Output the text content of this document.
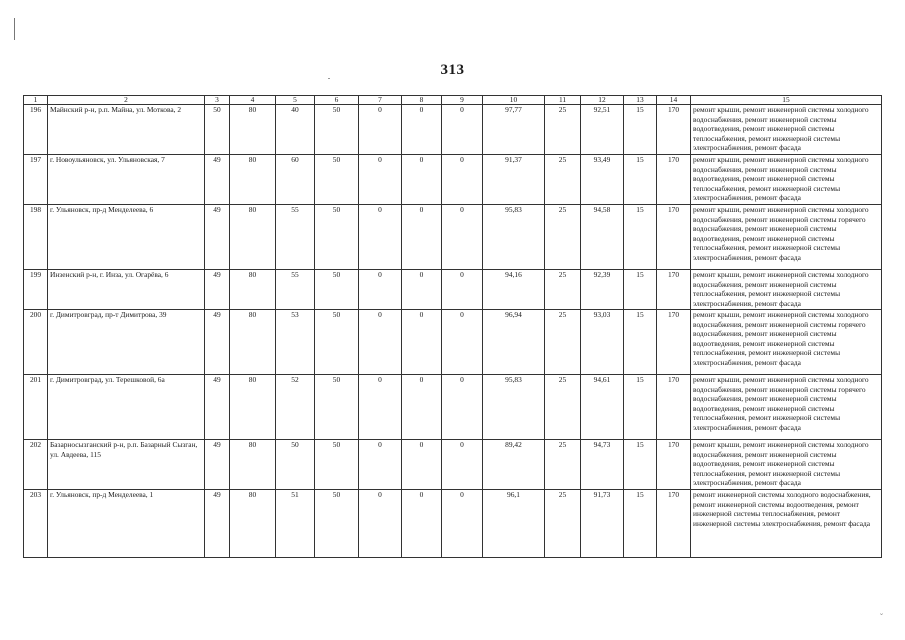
313
1	2	3	4	5	6	7	8	9	10	11	12	13	14	15
196	Майнский р-н, р.п. Майна, ул. Моткова, 2	50	80	40	50	0	0	0	97,77	25	92,51	15	170	ремонт крыши, ремонт инженерной системы холодного водоснабжения, ремонт инженерной системы водоотведения, ремонт инженерной системы теплоснабжения, ремонт инженерной системы электроснабжения, ремонт фасада
197	г. Новоульяновск, ул. Ульяновская, 7	49	80	60	50	0	0	0	91,37	25	93,49	15	170	ремонт крыши, ремонт инженерной системы холодного водоснабжения, ремонт инженерной системы водоотведения, ремонт инженерной системы теплоснабжения, ремонт инженерной системы электроснабжения, ремонт фасада
198	г. Ульяновск, пр-д Менделеева, 6	49	80	55	50	0	0	0	95,83	25	94,58	15	170	ремонт крыши, ремонт инженерной системы холодного водоснабжения, ремонт инженерной системы горячего водоснабжения, ремонт инженерной системы водоотведения, ремонт инженерной системы теплоснабжения, ремонт инженерной системы электроснабжения, ремонт фасада
199	Инзенский р-н, г. Инза, ул. Огарёва, 6	49	80	55	50	0	0	0	94,16	25	92,39	15	170	ремонт крыши, ремонт инженерной системы холодного водоснабжения, ремонт инженерной системы теплоснабжения, ремонт инженерной системы электроснабжения, ремонт фасада
200	г. Димитровград, пр-т Димитрова, 39	49	80	53	50	0	0	0	96,94	25	93,03	15	170	ремонт крыши, ремонт инженерной системы холодного водоснабжения, ремонт инженерной системы горячего водоснабжения, ремонт инженерной системы водоотведения, ремонт инженерной системы теплоснабжения, ремонт инженерной системы электроснабжения, ремонт фасада
201	г. Димитровград, ул. Терешковой, 6а	49	80	52	50	0	0	0	95,83	25	94,61	15	170	ремонт крыши, ремонт инженерной системы холодного водоснабжения, ремонт инженерной системы горячего водоснабжения, ремонт инженерной системы водоотведения, ремонт инженерной системы теплоснабжения, ремонт инженерной системы электроснабжения, ремонт фасада
202	Базарносызганский р-н, р.п. Базарный Сызган, ул. Авдеева, 115	49	80	50	50	0	0	0	89,42	25	94,73	15	170	ремонт крыши, ремонт инженерной системы холодного водоснабжения, ремонт инженерной системы водоотведения, ремонт инженерной системы теплоснабжения, ремонт инженерной системы электроснабжения, ремонт фасада
203	г. Ульяновск, пр-д Менделеева, 1	49	80	51	50	0	0	0	96,1	25	91,73	15	170	ремонт инженерной системы холодного водоснабжения, ремонт инженерной системы водоотведения, ремонт инженерной системы теплоснабжения, ремонт инженерной системы электроснабжения, ремонт фасада
˘
